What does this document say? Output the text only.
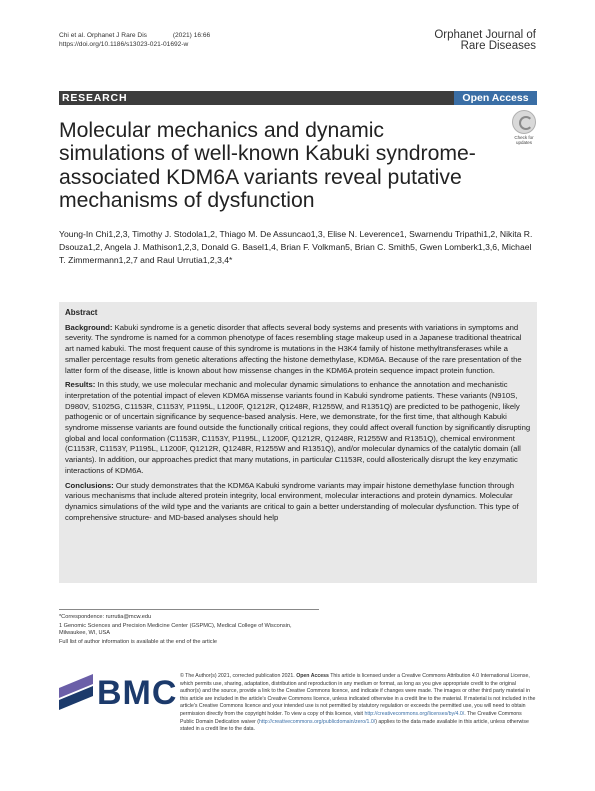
Chi et al. Orphanet J Rare Dis	(2021) 16:66
https://doi.org/10.1186/s13023-021-01692-w
Orphanet Journal of
Rare Diseases
RESEARCH	Open Access
Molecular mechanics and dynamic simulations of well-known Kabuki syndrome-associated KDM6A variants reveal putative mechanisms of dysfunction
Check for updates
Young-In Chi1,2,3, Timothy J. Stodola1,2, Thiago M. De Assuncao1,3, Elise N. Leverence1, Swarnendu Tripathi1,2, Nikita R. Dsouza1,2, Angela J. Mathison1,2,3, Donald G. Basel1,4, Brian F. Volkman5, Brian C. Smith5, Gwen Lomberk1,3,6, Michael T. Zimmermann1,2,7 and Raul Urrutia1,2,3,4*
Abstract

Background: Kabuki syndrome is a genetic disorder that affects several body systems and presents with variations in symptoms and severity. The syndrome is named for a common phenotype of faces resembling stage makeup used in a Japanese traditional theatrical art named kabuki. The most frequent cause of this syndrome is mutations in the H3K4 family of histone methyltransferases while a smaller percentage results from genetic alterations affecting the histone demethylase, KDM6A. Because of the rare presentation of the latter form of the disease, little is known about how missense changes in the KDM6A protein sequence impact protein function.

Results: In this study, we use molecular mechanic and molecular dynamic simulations to enhance the annotation and mechanistic interpretation of the potential impact of eleven KDM6A missense variants found in Kabuki syndrome patients. These variants (N910S, D980V, S1025G, C1153R, C1153Y, P1195L, L1200F, Q1212R, Q1248R, R1255W, and R1351Q) are predicted to be pathogenic, likely pathogenic or of uncertain significance by sequence-based analysis. Here, we demonstrate, for the first time, that although Kabuki syndrome missense variants are found outside the functionally critical regions, they could affect overall function by significantly disrupting global and local conformation (C1153R, C1153Y, P1195L, L1200F, Q1212R, Q1248R, R1255W and R1351Q), chemical environment (C1153R, C1153Y, P1195L, L1200F, Q1212R, Q1248R, R1255W and R1351Q), and/or molecular dynamics of the catalytic domain (all variants). In addition, our approaches predict that many mutations, in particular C1153R, could allosterically disrupt the key enzymatic interactions of KDM6A.

Conclusions: Our study demonstrates that the KDM6A Kabuki syndrome variants may impair histone demethylase function through various mechanisms that include altered protein integrity, local environment, molecular interactions and protein dynamics. Molecular dynamics simulations of the wild type and the variants are critical to gain a better understanding of molecular dysfunction. This type of comprehensive structure- and MD-based analyses should help

*Correspondence: rurrutia@mcw.edu

1 Genomic Sciences and Precision Medicine Center (GSPMC), Medical College of Wisconsin, Milwaukee, WI, USA

Full list of author information is available at the end of the article

BMC © The Author(s) 2021, corrected publication 2021. Open Access This article is licensed under a Creative Commons Attribution 4.0 International License, which permits use, sharing, adaptation, distribution and reproduction in any medium or format, as long as you give appropriate credit to the original author(s) and the source, provide a link to the Creative Commons licence, and indicate if changes were made. The images or other third party material in this article are included in the article's Creative Commons licence, unless indicated otherwise in a credit line to the material. If material is not included in the article's Creative Commons licence and your intended use is not permitted by statutory regulation or exceeds the permitted use, you will need to obtain permission directly from the copyright holder. To view a copy of this licence, visit http://creativecommons.org/licenses/by/4.0/. The Creative Commons Public Domain Dedication waiver (http://creativecommons.org/publicdomain/zero/1.0/) applies to the data made available in this article, unless otherwise stated in a credit line to the data.
